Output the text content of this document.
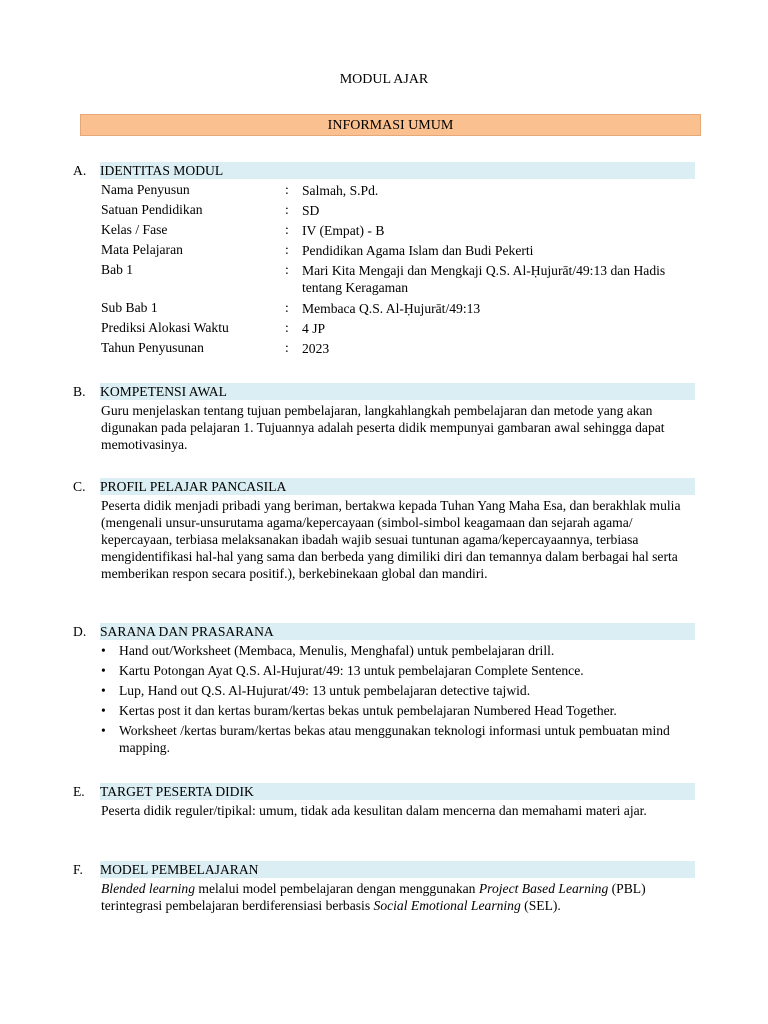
MODUL AJAR
INFORMASI UMUM
A.	IDENTITAS MODUL
Nama Penyusun	: Salmah, S.Pd.
Satuan Pendidikan	: SD
Kelas / Fase	: IV (Empat) - B
Mata Pelajaran	: Pendidikan Agama Islam dan Budi Pekerti
Bab 1	: Mari Kita Mengaji dan Mengkaji Q.S. Al-Ḥujurāt/49:13 dan Hadis tentang Keragaman
Sub Bab 1	: Membaca Q.S. Al-Ḥujurāt/49:13
Prediksi Alokasi Waktu	: 4 JP
Tahun Penyusunan	: 2023
B.	KOMPETENSI AWAL
Guru menjelaskan tentang tujuan pembelajaran, langkahlangkah pembelajaran dan metode yang akan digunakan pada pelajaran 1. Tujuannya adalah peserta didik mempunyai gambaran awal sehingga dapat memotivasinya.
C.	PROFIL PELAJAR PANCASILA
Peserta didik menjadi pribadi yang beriman, bertakwa kepada Tuhan Yang Maha Esa, dan berakhlak mulia (mengenali unsur-unsurutama agama/kepercayaan (simbol-simbol keagamaan dan sejarah agama/ kepercayaan, terbiasa melaksanakan ibadah wajib sesuai tuntunan agama/kepercayaannya, terbiasa mengidentifikasi hal-hal yang sama dan berbeda yang dimiliki diri dan temannya dalam berbagai hal serta memberikan respon secara positif.), berkebinekaan global dan mandiri.
D.	SARANA DAN PRASARANA
• Hand out/Worksheet (Membaca, Menulis, Menghafal) untuk pembelajaran drill.
• Kartu Potongan Ayat Q.S. Al-Hujurat/49: 13 untuk pembelajaran Complete Sentence.
• Lup, Hand out Q.S. Al-Hujurat/49: 13 untuk pembelajaran detective tajwid.
• Kertas post it dan kertas buram/kertas bekas untuk pembelajaran Numbered Head Together.
• Worksheet /kertas buram/kertas bekas atau menggunakan teknologi informasi untuk pembuatan mind mapping.
E.	TARGET PESERTA DIDIK
Peserta didik reguler/tipikal: umum, tidak ada kesulitan dalam mencerna dan memahami materi ajar.
F.	MODEL PEMBELAJARAN
Blended learning melalui model pembelajaran dengan menggunakan Project Based Learning (PBL) terintegrasi pembelajaran berdiferensiasi berbasis Social Emotional Learning (SEL).
